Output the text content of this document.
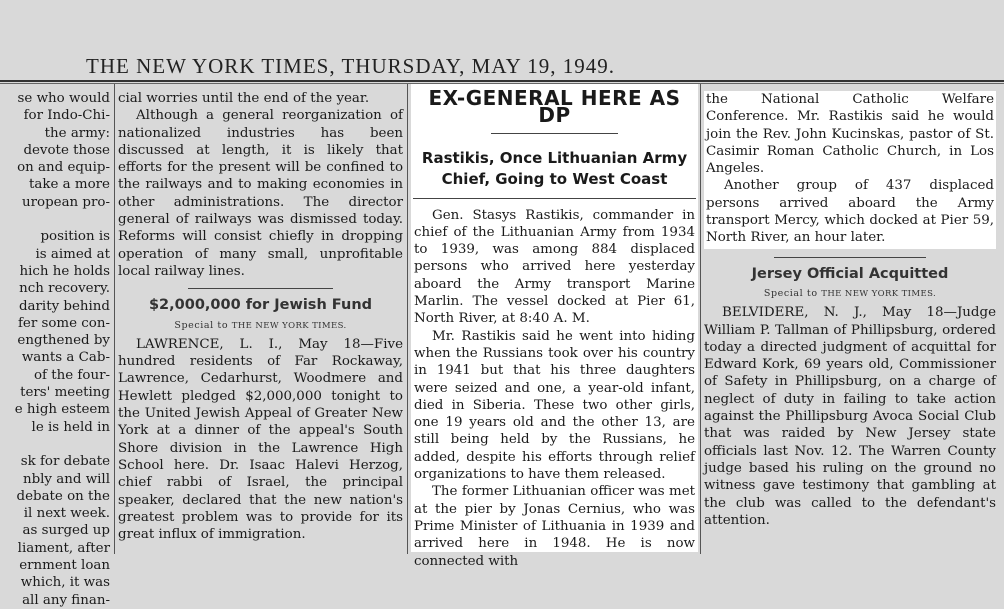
THE NEW YORK TIMES, THURSDAY, MAY 19, 1949.
se who would
for Indo-Chi-
the army:
devote those
on and equip-
take a more
uropean pro-

position is
is aimed at
hich he holds
nch recovery.
darity behind
fer some con-
engthened by
wants a Cab-
of the four-
ters' meeting
e high esteem
le is held in

sk for debate
nbly and will
debate on the
il next week.
as surged up
liament, after
ernment loan
which, it was
all any finan-

cial worries until the end of the year.

Although a general reorganization of nationalized industries has been discussed at length, it is likely that efforts for the present will be confined to the railways and to making economies in other administrations. The director general of railways was dismissed today. Reforms will consist chiefly in dropping operation of many small, unprofitable local railway lines.

$2,000,000 for Jewish Fund
Special to THE NEW YORK TIMES.

LAWRENCE, L. I., May 18—Five hundred residents of Far Rockaway, Lawrence, Cedarhurst, Woodmere and Hewlett pledged $2,000,000 tonight to the United Jewish Appeal of Greater New York at a dinner of the appeal's South Shore division in the Lawrence High School here. Dr. Isaac Halevi Herzog, chief rabbi of Israel, the principal speaker, declared that the new nation's greatest problem was to provide for its great influx of immigration.

EX-GENERAL HERE AS DP
Rastikis, Once Lithuanian Army Chief, Going to West Coast

Gen. Stasys Rastikis, commander in chief of the Lithuanian Army from 1934 to 1939, was among 884 displaced persons who arrived here yesterday aboard the Army transport Marine Marlin. The vessel docked at Pier 61, North River, at 8:40 A. M.

Mr. Rastikis said he went into hiding when the Russians took over his country in 1941 but that his three daughters were seized and one, a year-old infant, died in Siberia. These two other girls, one 19 years old and the other 13, are still being held by the Russians, he added, despite his efforts through relief organizations to have them released.

The former Lithuanian officer was met at the pier by Jonas Cernius, who was Prime Minister of Lithuania in 1939 and arrived here in 1948. He is now connected with

the National Catholic Welfare Conference. Mr. Rastikis said he would join the Rev. John Kucinskas, pastor of St. Casimir Roman Catholic Church, in Los Angeles.

Another group of 437 displaced persons arrived aboard the Army transport Mercy, which docked at Pier 59, North River, an hour later.

Jersey Official Acquitted
Special to THE NEW YORK TIMES.

BELVIDERE, N. J., May 18—Judge William P. Tallman of Phillipsburg, ordered today a directed judgment of acquittal for Edward Kork, 69 years old, Commissioner of Safety in Phillipsburg, on a charge of neglect of duty in failing to take action against the Phillipsburg Avoca Social Club that was raided by New Jersey state officials last Nov. 12. The Warren County judge based his ruling on the ground no witness gave testimony that gambling at the club was called to the defendant's attention.
